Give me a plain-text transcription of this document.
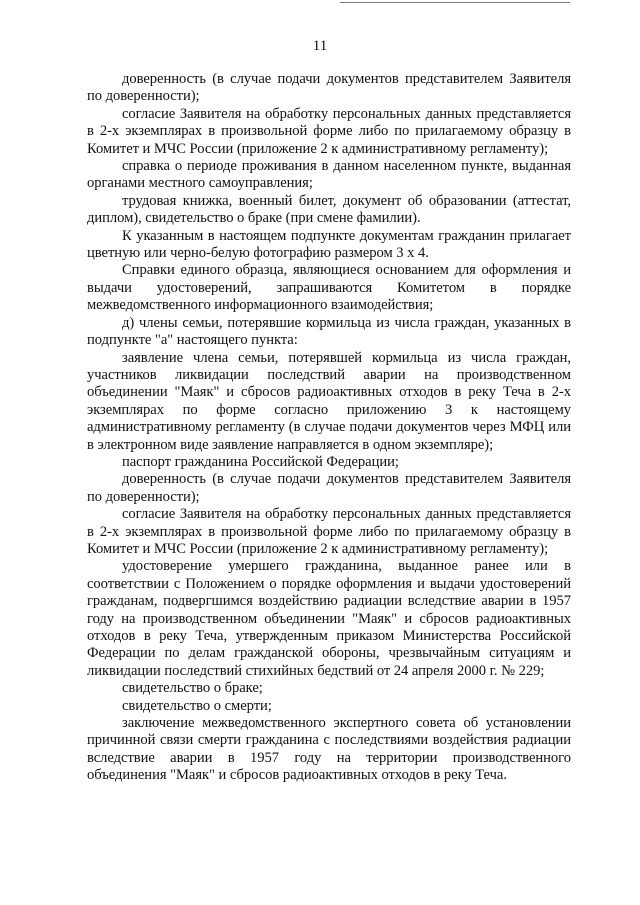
11

доверенность (в случае подачи документов представителем Заявителя по доверенности);

согласие Заявителя на обработку персональных данных представляется в 2-х экземплярах в произвольной форме либо по прилагаемому образцу в Комитет и МЧС России (приложение 2 к административному регламенту);

справка о периоде проживания в данном населенном пункте, выданная органами местного самоуправления;

трудовая книжка, военный билет, документ об образовании (аттестат, диплом), свидетельство о браке (при смене фамилии).

К указанным в настоящем подпункте документам гражданин прилагает цветную или черно-белую фотографию размером 3 x 4.

Справки единого образца, являющиеся основанием для оформления и выдачи удостоверений, запрашиваются Комитетом в порядке межведомственного информационного взаимодействия;

д) члены семьи, потерявшие кормильца из числа граждан, указанных в подпункте "а" настоящего пункта:

заявление члена семьи, потерявшей кормильца из числа граждан, участников ликвидации последствий аварии на производственном объединении "Маяк" и сбросов радиоактивных отходов в реку Теча в 2-х экземплярах по форме согласно приложению 3 к настоящему административному регламенту (в случае подачи документов через МФЦ или в электронном виде заявление направляется в одном экземпляре);

паспорт гражданина Российской Федерации;

доверенность (в случае подачи документов представителем Заявителя по доверенности);

согласие Заявителя на обработку персональных данных представляется в 2-х экземплярах в произвольной форме либо по прилагаемому образцу в Комитет и МЧС России (приложение 2 к административному регламенту);

удостоверение умершего гражданина, выданное ранее или в соответствии с Положением о порядке оформления и выдачи удостоверений гражданам, подвергшимся воздействию радиации вследствие аварии в 1957 году на производственном объединении "Маяк" и сбросов радиоактивных отходов в реку Теча, утвержденным приказом Министерства Российской Федерации по делам гражданской обороны, чрезвычайным ситуациям и ликвидации последствий стихийных бедствий от 24 апреля 2000 г. № 229;

свидетельство о браке;

свидетельство о смерти;

заключение межведомственного экспертного совета об установлении причинной связи смерти гражданина с последствиями воздействия радиации вследствие аварии в 1957 году на территории производственного объединения "Маяк" и сбросов радиоактивных отходов в реку Теча.
